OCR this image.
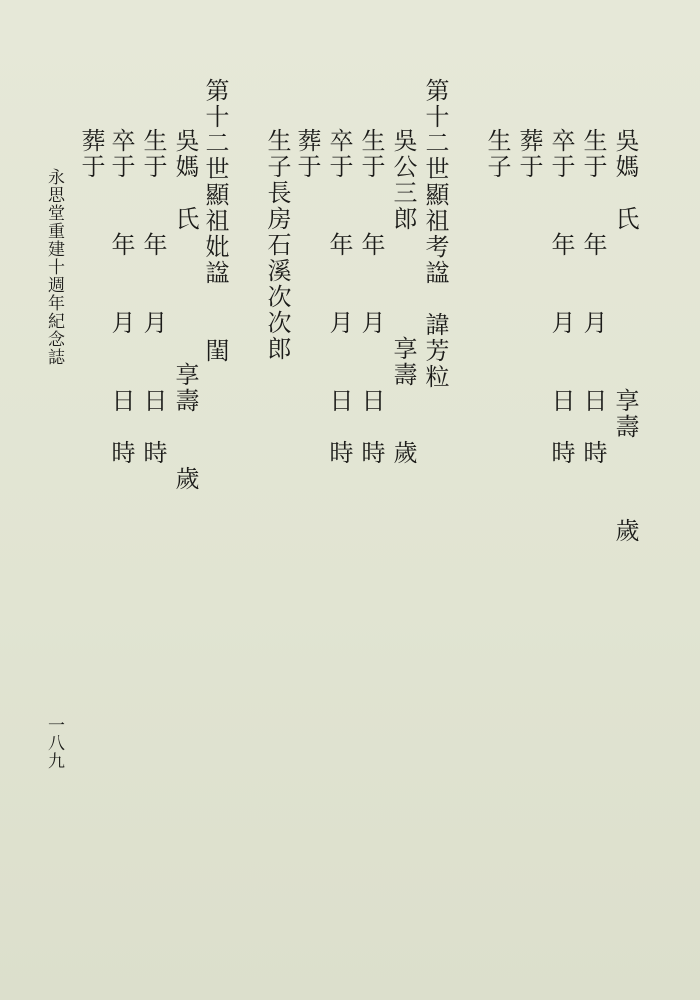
吳媽　氏　　　　　　享壽　　　歲
生于　　年　　月　　日　時
卒于　　年　　月　　日　時
葬于
生子
第十二世顯祖考諡　諱芳粒
吳公三郎　　　　享壽　　歲
生于　　年　　月　　日　時
卒于　　年　　月　　日　時
葬于
生子長房石溪次次郎
第十二世顯祖妣諡　　閨
吳媽　氏　　　　　享壽　　歲
生于　　年　　月　　日　時
卒于　　年　　月　　日　時
葬于
永思堂重建十週年紀念誌
一八九
